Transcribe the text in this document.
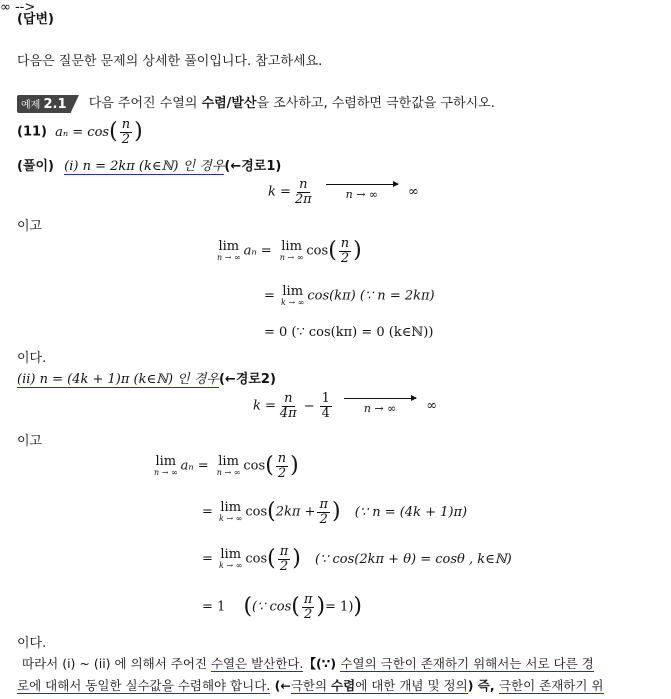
(답변)
다음은 질문한 문제의 상세한 풀이입니다. 참고하세요.
예제 2.1	다음 주어진 수열의 수렴/발산을 조사하고, 수렴하면 극한값을 구하시오.
(11) $a_n = \cos( \frac{n}{2}$ )
(풀이) (i) n = 2kπ (k∈ℕ) 인 경우(←경로1)
∞ -->
$k = \frac{n}{2\pi}$
	n → ∞ ∞
이고
lim
n → ∞ aₙ = lim
n → ∞ $\cos( \frac{n}{2}$ )
= lim
k → ∞ cos(kπ) (∵ n = 2kπ)
= 0 (∵ cos(kπ) = 0 (k∈ℕ))
이다.
(ii) n = (4k + 1)π (k∈ℕ) 인 경우(←경로2)
$k = \frac{n}{4\pi} - \frac{1}{4}$
	n → ∞ ∞
이고
lim
n → ∞ aₙ = lim
n → ∞ $\cos( \frac{n}{2}$ )
= lim
k → ∞ $\cos(2k\pi + \frac{\pi}{2}$ ) (∵ n = (4k + 1)π)
= lim
k → ∞ $\cos( \frac{\pi}{2}$ ) (∵ cos(2kπ + θ) = cosθ , k∈ℕ)
= 1 ((∵ $\cos( \frac{\pi}{2}$ )= 1))
이다.
따라서 (i) ~ (ii) 에 의해서 주어진 수열은 발산한다.【(∵) 수열의 극한이 존재하기 위해서는 서로 다른 경
로에 대해서 동일한 실수값을 수렴해야 합니다. (←극한의 수렴에 대한 개념 및 정의) 즉, 극한이 존재하기 위
